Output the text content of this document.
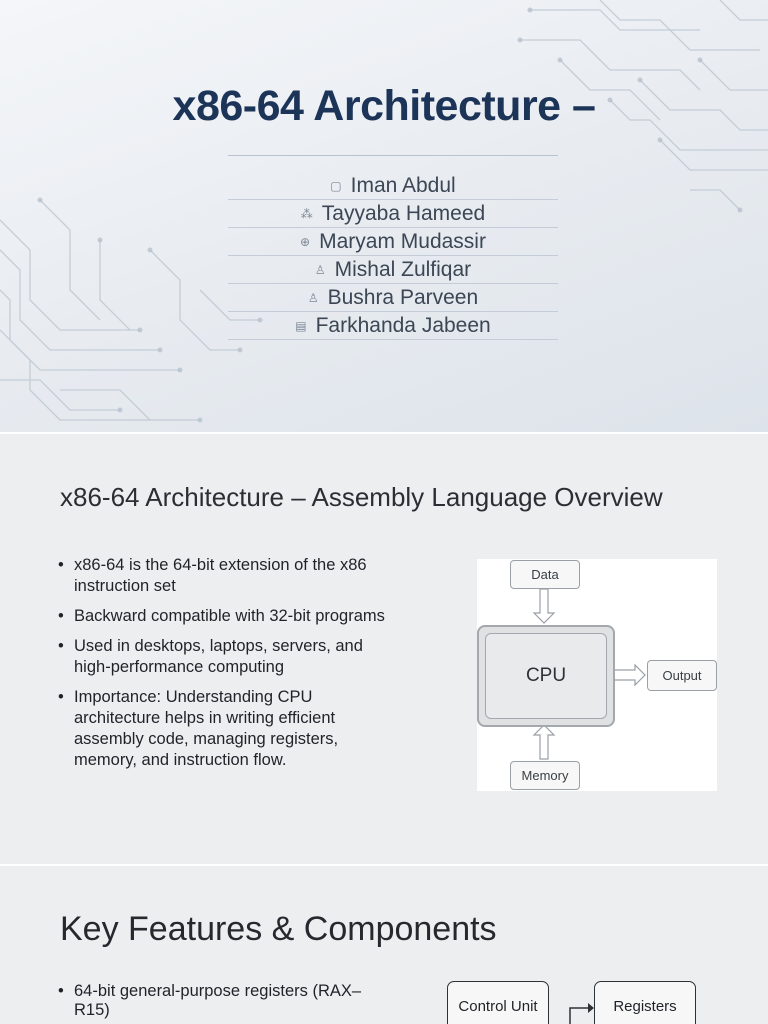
x86-64 Architecture –
▢ Iman Abdul
⁂ Tayyaba Hameed
⊕ Maryam Mudassir
♙ Mishal Zulfiqar
♙ Bushra Parveen
▤ Farkhanda Jabeen
x86-64 Architecture – Assembly Language Overview
• x86-64 is the 64-bit extension of the x86 instruction set
• Backward compatible with 32-bit programs
• Used in desktops, laptops, servers, and high-performance computing
• Importance: Understanding CPU architecture helps in writing efficient assembly code, managing registers, memory, and instruction flow.
Data
CPU	Output
Memory
Key Features & Components
• 64-bit general-purpose registers (RAX–R15)	Control Unit	Registers
